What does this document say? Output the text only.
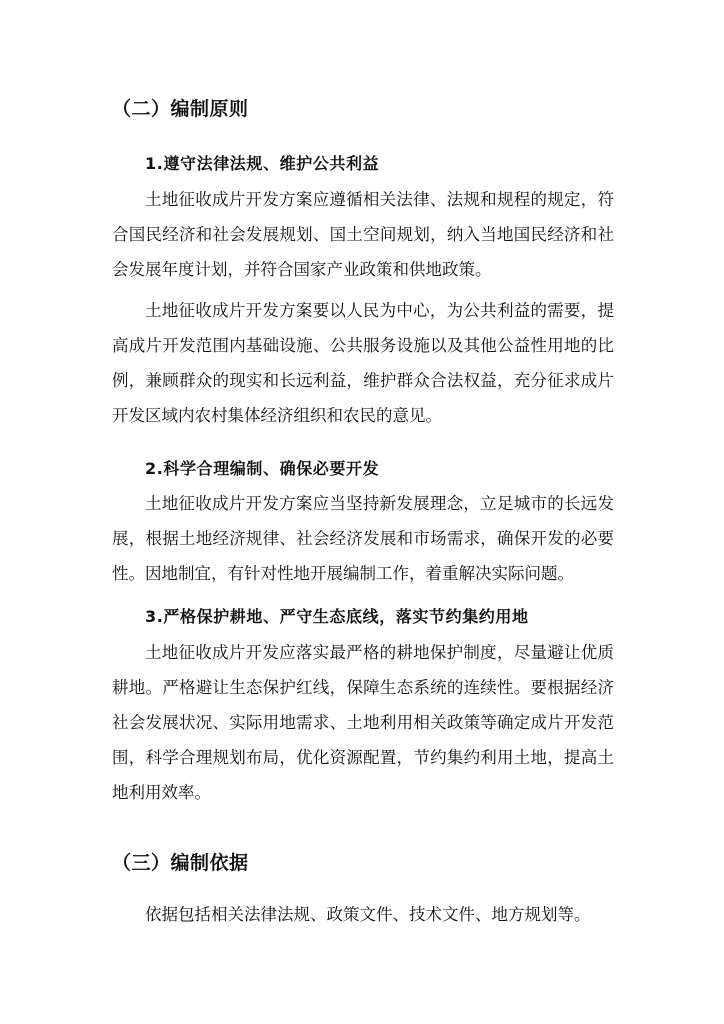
（二）编制原则
1.遵守法律法规、维护公共利益
土地征收成片开发方案应遵循相关法律、法规和规程的规定，符
合国民经济和社会发展规划、国土空间规划，纳入当地国民经济和社
会发展年度计划，并符合国家产业政策和供地政策。
土地征收成片开发方案要以人民为中心，为公共利益的需要，提
高成片开发范围内基础设施、公共服务设施以及其他公益性用地的比
例，兼顾群众的现实和长远利益，维护群众合法权益，充分征求成片
开发区域内农村集体经济组织和农民的意见。
2.科学合理编制、确保必要开发
土地征收成片开发方案应当坚持新发展理念，立足城市的长远发
展，根据土地经济规律、社会经济发展和市场需求，确保开发的必要
性。因地制宜，有针对性地开展编制工作，着重解决实际问题。
3.严格保护耕地、严守生态底线，落实节约集约用地
土地征收成片开发应落实最严格的耕地保护制度，尽量避让优质
耕地。严格避让生态保护红线，保障生态系统的连续性。要根据经济
社会发展状况、实际用地需求、土地利用相关政策等确定成片开发范
围，科学合理规划布局，优化资源配置，节约集约利用土地，提高土
地利用效率。
（三）编制依据
依据包括相关法律法规、政策文件、技术文件、地方规划等。
